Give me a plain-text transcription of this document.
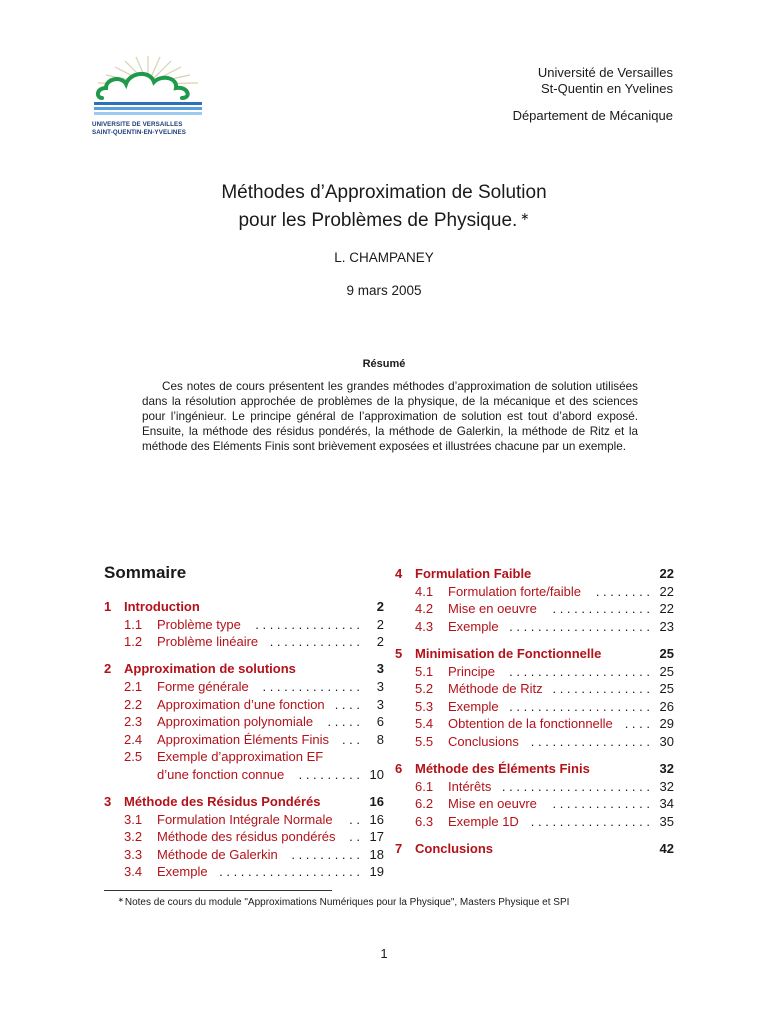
UNIVERSITE DE VERSAILLES
SAINT-QUENTIN-EN-YVELINES
Université de Versailles
St-Quentin en Yvelines
Département de Mécanique
Méthodes d’Approximation de Solution
pour les Problèmes de Physique. ∗
L. CHAMPANEY
9 mars 2005
Résumé
Ces notes de cours présentent les grandes méthodes d’approximation de solution utilisées dans la résolution approchée de problèmes de la physique, de la mécanique et des sciences pour l’ingénieur. Le principe général de l’approximation de solution est tout d’abord exposé. Ensuite, la méthode des résidus pondérés, la méthode de Galerkin, la méthode de Ritz et la méthode des Eléments Finis sont brièvement exposées et illustrées chacune par un exemple.
Sommaire
1 Introduction	2
1.1 Problème type	2
. . . . . . . . . . . . . . .
1.2 Problème linéaire	2
. . . . . . . . . . . . .
2 Approximation de solutions	3
2.1 Forme générale	3
. . . . . . . . . . . . . .
2.2 Approximation d’une fonction	3
. . . .
2.3 Approximation polynomiale	6
. . . . .
2.4 Approximation Éléments Finis	8
. . .
2.5 Exemple d’approximation EF
d’une fonction connue	10
. . . . . . . . .
3 Méthode des Résidus Pondérés	16
3.1 Formulation Intégrale Normale	16
. .
3.2 Méthode des résidus pondérés	17
. .
3.3 Méthode de Galerkin	18
. . . . . . . . . .
3.4 Exemple	19
. . . . . . . . . . . . . . . . . . . .
4 Formulation Faible	22
4.1 Formulation forte/faible	22
. . . . . . . .
4.2 Mise en oeuvre	22
. . . . . . . . . . . . . .
4.3 Exemple	23
. . . . . . . . . . . . . . . . . . . .
5 Minimisation de Fonctionnelle	25
5.1 Principe	25
. . . . . . . . . . . . . . . . . . . .
5.2 Méthode de Ritz	25
. . . . . . . . . . . . . .
5.3 Exemple	26
. . . . . . . . . . . . . . . . . . . .
5.4 Obtention de la fonctionnelle	29
. . . .
5.5 Conclusions	30
. . . . . . . . . . . . . . . . .
6 Méthode des Éléments Finis	32
6.1 Intérêts	32
. . . . . . . . . . . . . . . . . . . . .
6.2 Mise en oeuvre	34
. . . . . . . . . . . . . .
6.3 Exemple 1D	35
. . . . . . . . . . . . . . . . .
7 Conclusions	42
∗Notes de cours du module "Approximations Numériques pour la Physique", Masters Physique et SPI
1
